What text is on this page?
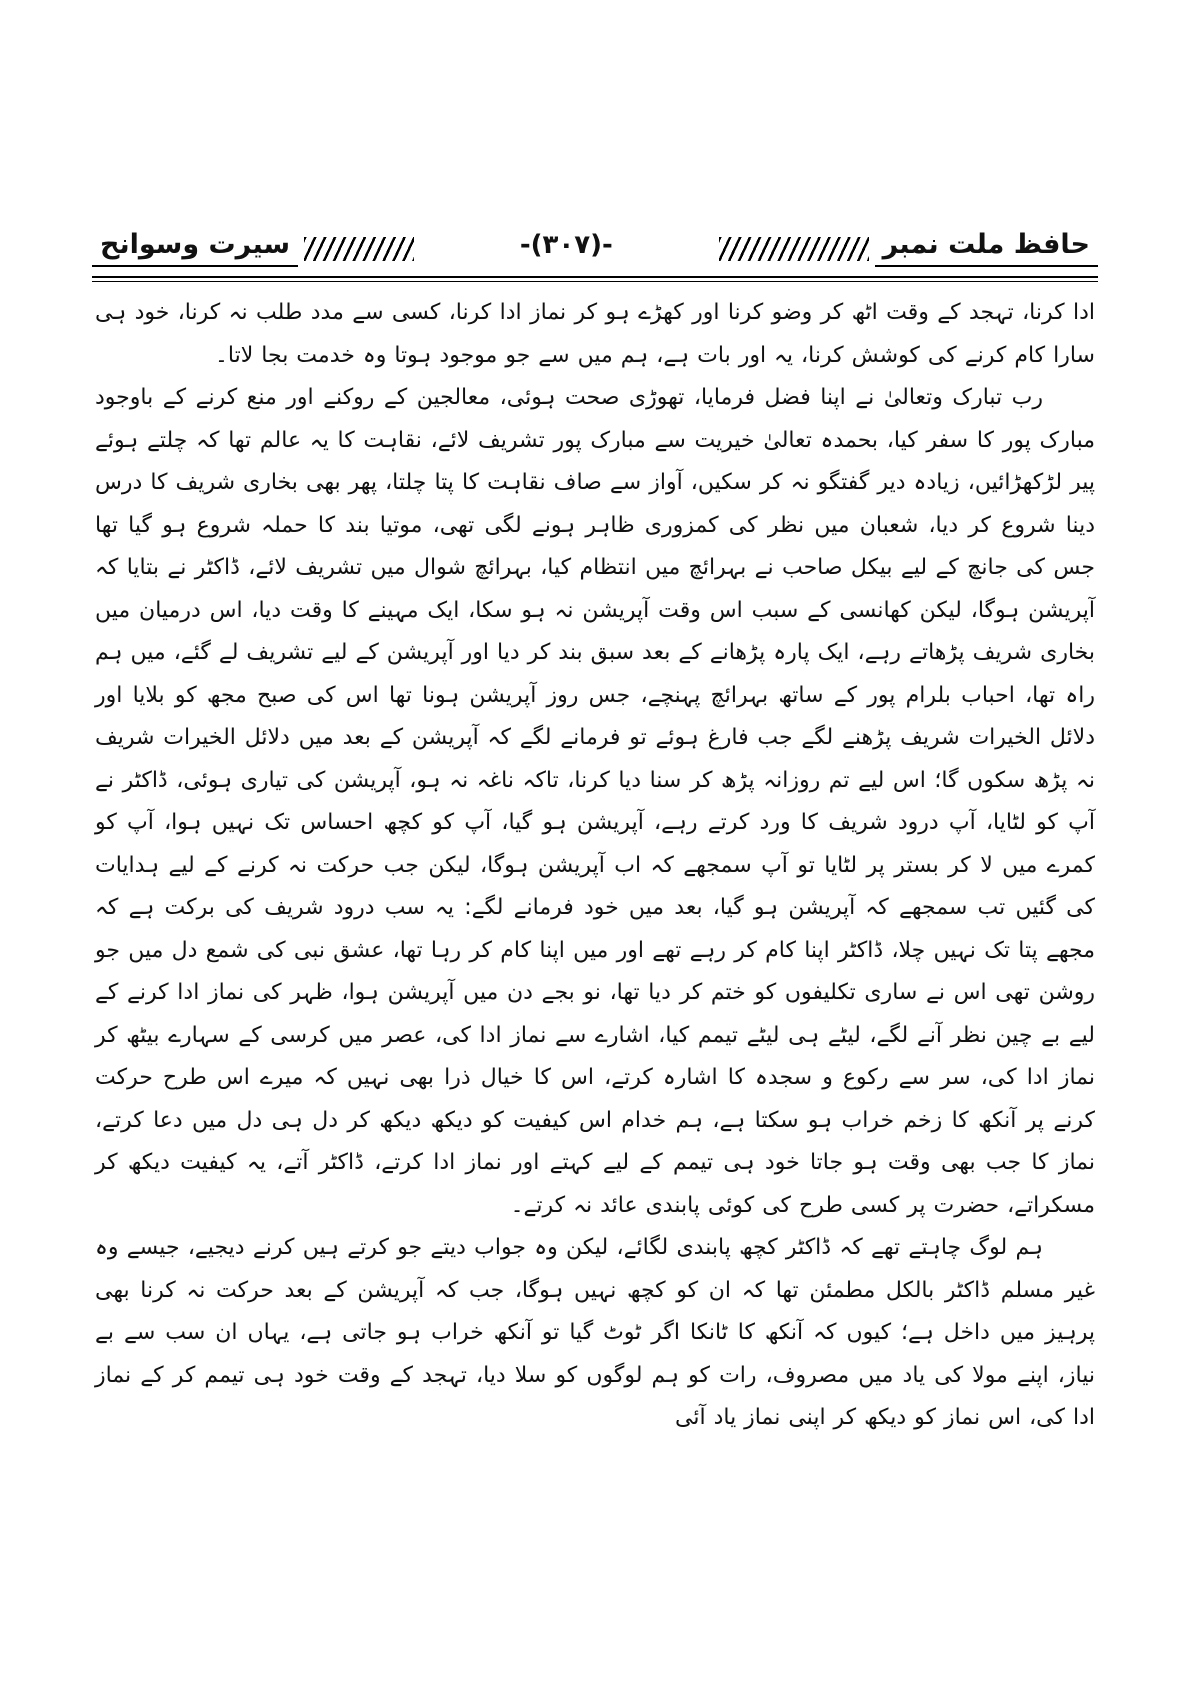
سیرت وسوانح	-(۳۰۷)-	حافظ ملت نمبر

ادا کرنا، تہجد کے وقت اٹھ کر وضو کرنا اور کھڑے ہو کر نماز ادا کرنا، کسی سے مدد طلب نہ کرنا، خود ہی سارا کام کرنے کی کوشش کرنا، یہ اور بات ہے، ہم میں سے جو موجود ہوتا وہ خدمت بجا لاتا۔

رب تبارک وتعالیٰ نے اپنا فضل فرمایا، تھوڑی صحت ہوئی، معالجین کے روکنے اور منع کرنے کے باوجود مبارک پور کا سفر کیا، بحمدہ تعالیٰ خیریت سے مبارک پور تشریف لائے، نقاہت کا یہ عالم تھا کہ چلتے ہوئے پیر لڑکھڑائیں، زیادہ دیر گفتگو نہ کر سکیں، آواز سے صاف نقاہت کا پتا چلتا، پھر بھی بخاری شریف کا درس دینا شروع کر دیا، شعبان میں نظر کی کمزوری ظاہر ہونے لگی تھی، موتیا بند کا حملہ شروع ہو گیا تھا جس کی جانچ کے لیے بیکل صاحب نے بہرائچ میں انتظام کیا، بہرائچ شوال میں تشریف لائے، ڈاکٹر نے بتایا کہ آپریشن ہوگا، لیکن کھانسی کے سبب اس وقت آپریشن نہ ہو سکا، ایک مہینے کا وقت دیا، اس درمیان میں بخاری شریف پڑھاتے رہے، ایک پارہ پڑھانے کے بعد سبق بند کر دیا اور آپریشن کے لیے تشریف لے گئے، میں ہم راہ تھا، احباب بلرام پور کے ساتھ بہرائچ پہنچے، جس روز آپریشن ہونا تھا اس کی صبح مجھ کو بلایا اور دلائل الخیرات شریف پڑھنے لگے جب فارغ ہوئے تو فرمانے لگے کہ آپریشن کے بعد میں دلائل الخیرات شریف نہ پڑھ سکوں گا؛ اس لیے تم روزانہ پڑھ کر سنا دیا کرنا، تاکہ ناغہ نہ ہو، آپریشن کی تیاری ہوئی، ڈاکٹر نے آپ کو لٹایا، آپ درود شریف کا ورد کرتے رہے، آپریشن ہو گیا، آپ کو کچھ احساس تک نہیں ہوا، آپ کو کمرے میں لا کر بستر پر لٹایا تو آپ سمجھے کہ اب آپریشن ہوگا، لیکن جب حرکت نہ کرنے کے لیے ہدایات کی گئیں تب سمجھے کہ آپریشن ہو گیا، بعد میں خود فرمانے لگے: یہ سب درود شریف کی برکت ہے کہ مجھے پتا تک نہیں چلا، ڈاکٹر اپنا کام کر رہے تھے اور میں اپنا کام کر رہا تھا، عشق نبی کی شمع دل میں جو روشن تھی اس نے ساری تکلیفوں کو ختم کر دیا تھا، نو بجے دن میں آپریشن ہوا، ظہر کی نماز ادا کرنے کے لیے بے چین نظر آنے لگے، لیٹے ہی لیٹے تیمم کیا، اشارے سے نماز ادا کی، عصر میں کرسی کے سہارے بیٹھ کر نماز ادا کی، سر سے رکوع و سجدہ کا اشارہ کرتے، اس کا خیال ذرا بھی نہیں کہ میرے اس طرح حرکت کرنے پر آنکھ کا زخم خراب ہو سکتا ہے، ہم خدام اس کیفیت کو دیکھ دیکھ کر دل ہی دل میں دعا کرتے، نماز کا جب بھی وقت ہو جاتا خود ہی تیمم کے لیے کہتے اور نماز ادا کرتے، ڈاکٹر آتے، یہ کیفیت دیکھ کر مسکراتے، حضرت پر کسی طرح کی کوئی پابندی عائد نہ کرتے۔

ہم لوگ چاہتے تھے کہ ڈاکٹر کچھ پابندی لگائے، لیکن وہ جواب دیتے جو کرتے ہیں کرنے دیجیے، جیسے وہ غیر مسلم ڈاکٹر بالکل مطمئن تھا کہ ان کو کچھ نہیں ہوگا، جب کہ آپریشن کے بعد حرکت نہ کرنا بھی پرہیز میں داخل ہے؛ کیوں کہ آنکھ کا ٹانکا اگر ٹوٹ گیا تو آنکھ خراب ہو جاتی ہے، یہاں ان سب سے بے نیاز، اپنے مولا کی یاد میں مصروف، رات کو ہم لوگوں کو سلا دیا، تہجد کے وقت خود ہی تیمم کر کے نماز ادا کی، اس نماز کو دیکھ کر اپنی نماز یاد آئی
